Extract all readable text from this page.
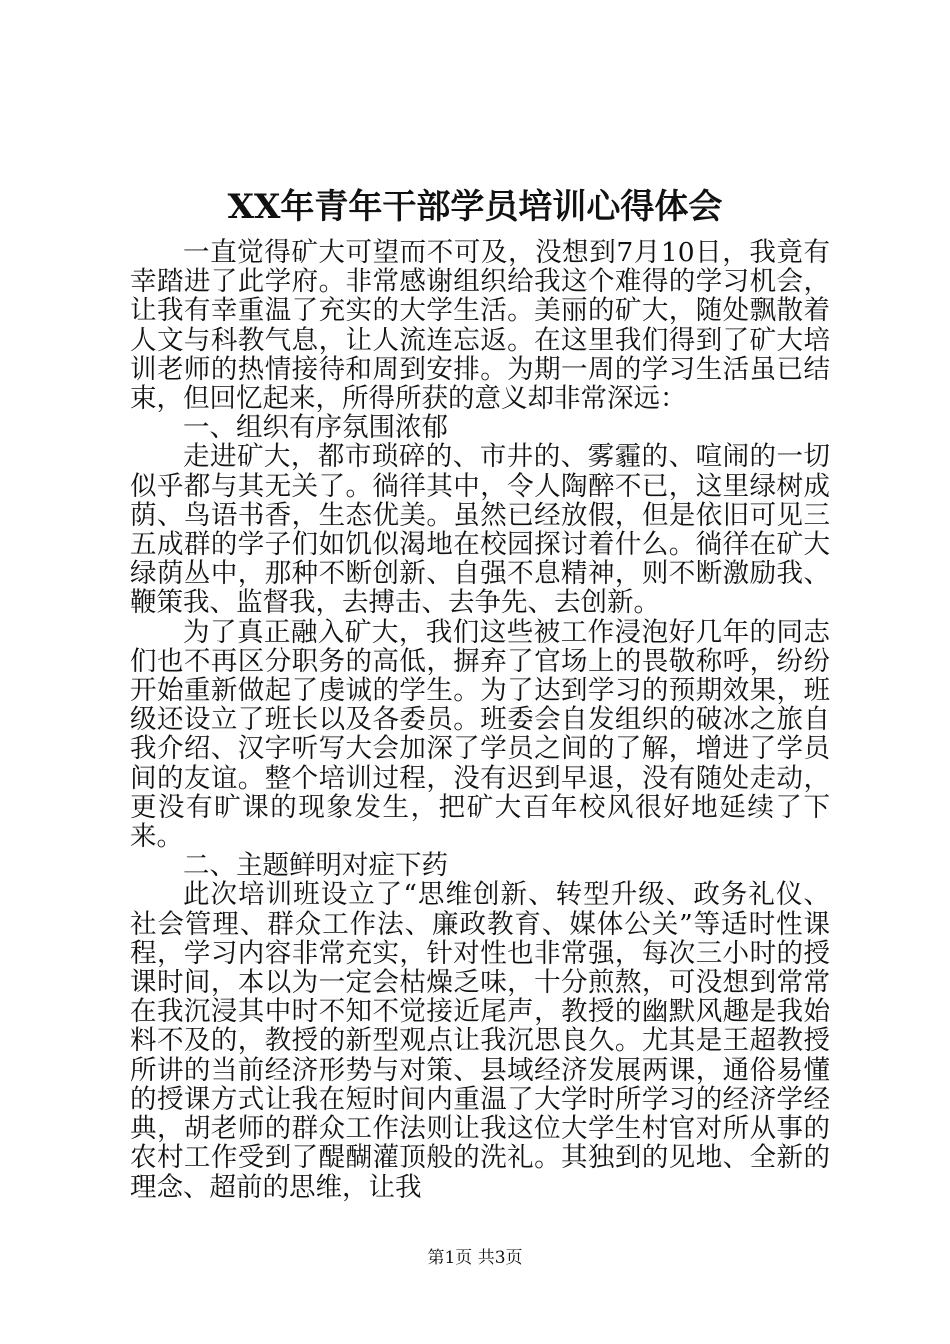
XX年青年干部学员培训心得体会

一直觉得矿大可望而不可及，没想到7月10日，我竟有幸踏进了此学府。非常感谢组织给我这个难得的学习机会，让我有幸重温了充实的大学生活。美丽的矿大，随处飘散着人文与科教气息，让人流连忘返。在这里我们得到了矿大培训老师的热情接待和周到安排。为期一周的学习生活虽已结束，但回忆起来，所得所获的意义却非常深远：

一、组织有序氛围浓郁

走进矿大，都市琐碎的、市井的、雾霾的、喧闹的一切似乎都与其无关了。徜徉其中，令人陶醉不已，这里绿树成荫、鸟语书香，生态优美。虽然已经放假，但是依旧可见三五成群的学子们如饥似渴地在校园探讨着什么。徜徉在矿大绿荫丛中，那种不断创新、自强不息精神，则不断激励我、鞭策我、监督我，去搏击、去争先、去创新。

为了真正融入矿大，我们这些被工作浸泡好几年的同志们也不再区分职务的高低，摒弃了官场上的畏敬称呼，纷纷开始重新做起了虔诚的学生。为了达到学习的预期效果，班级还设立了班长以及各委员。班委会自发组织的破冰之旅自我介绍、汉字听写大会加深了学员之间的了解，增进了学员间的友谊。整个培训过程，没有迟到早退，没有随处走动，更没有旷课的现象发生，把矿大百年校风很好地延续了下来。

二、主题鲜明对症下药

此次培训班设立了“思维创新、转型升级、政务礼仪、社会管理、群众工作法、廉政教育、媒体公关”等适时性课程，学习内容非常充实，针对性也非常强，每次三小时的授课时间，本以为一定会枯燥乏味，十分煎熬，可没想到常常在我沉浸其中时不知不觉接近尾声，教授的幽默风趣是我始料不及的，教授的新型观点让我沉思良久。尤其是王超教授所讲的当前经济形势与对策、县域经济发展两课，通俗易懂的授课方式让我在短时间内重温了大学时所学习的经济学经典，胡老师的群众工作法则让我这位大学生村官对所从事的农村工作受到了醍醐灌顶般的洗礼。其独到的见地、全新的理念、超前的思维，让我

第1页 共3页
